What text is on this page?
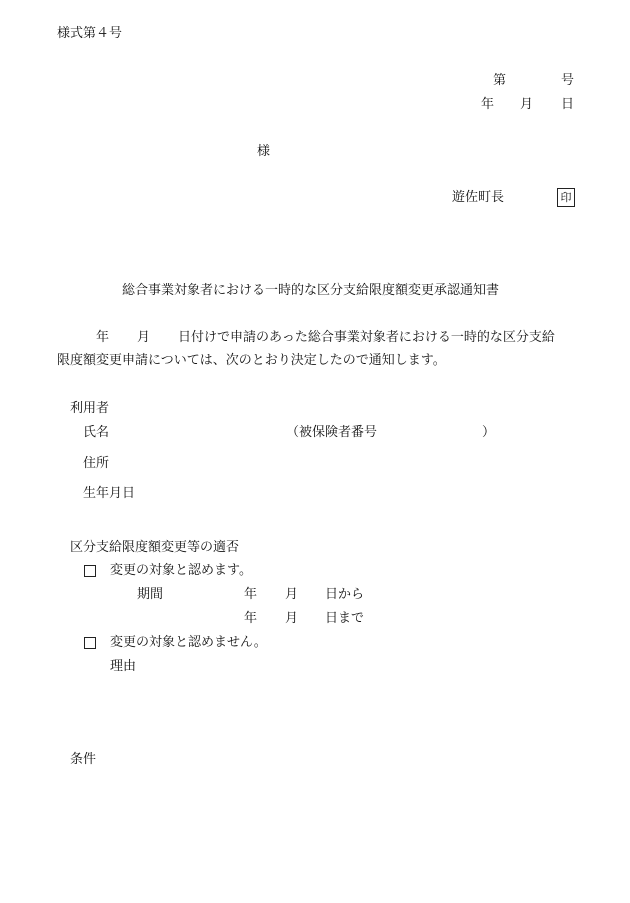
様式第４号
第	号
年 月 日
様
遊佐町長	印
総合事業対象者における一時的な区分支給限度額変更承認通知書
年 月 日付けで申請のあった総合事業対象者における一時的な区分支給
限度額変更申請については、次のとおり決定したので通知します。
利用者
氏名	（被保険者番号	）
住所
生年月日
区分支給限度額変更等の適否
変更の対象と認めます。
期間	年 月 日から
年 月 日まで
変更の対象と認めません。
理由
条件
